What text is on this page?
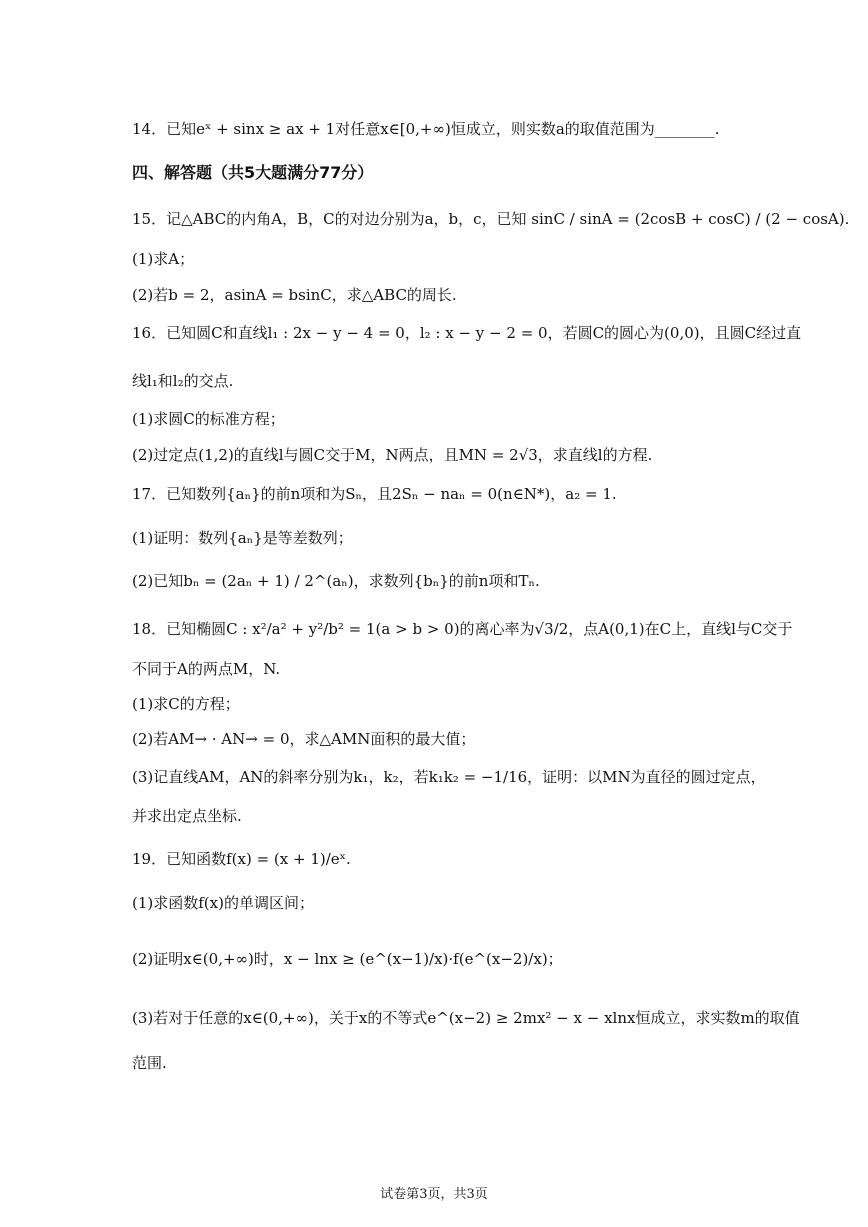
14．已知eˣ + sinx ≥ ax + 1对任意x∈[0,+∞)恒成立，则实数a的取值范围为________.
四、解答题（共5大题满分77分）
15．记△ABC的内角A，B，C的对边分别为a，b，c，已知 sinC / sinA = (2cosB + cosC) / (2 − cosA).
(1)求A；
(2)若b = 2，asinA = bsinC，求△ABC的周长.
16．已知圆C和直线l₁ : 2x − y − 4 = 0，l₂ : x − y − 2 = 0，若圆C的圆心为(0,0)，且圆C经过直
线l₁和l₂的交点.
(1)求圆C的标准方程；
(2)过定点(1,2)的直线l与圆C交于M，N两点，且MN = 2√3，求直线l的方程.
17．已知数列{aₙ}的前n项和为Sₙ，且2Sₙ − naₙ = 0(n∈N*)，a₂ = 1.
(1)证明：数列{aₙ}是等差数列；
(2)已知bₙ = (2aₙ + 1) / 2^(aₙ)，求数列{bₙ}的前n项和Tₙ.
18．已知椭圆C : x²/a² + y²/b² = 1(a > b > 0)的离心率为√3/2，点A(0,1)在C上，直线l与C交于
不同于A的两点M，N.
(1)求C的方程；
(2)若AM→ · AN→ = 0，求△AMN面积的最大值；
(3)记直线AM，AN的斜率分别为k₁，k₂，若k₁k₂ = −1/16，证明：以MN为直径的圆过定点，
并求出定点坐标.
19．已知函数f(x) = (x + 1)/eˣ.
(1)求函数f(x)的单调区间；
(2)证明x∈(0,+∞)时，x − lnx ≥ (e^(x−1)/x)·f(e^(x−2)/x)；
(3)若对于任意的x∈(0,+∞)，关于x的不等式e^(x−2) ≥ 2mx² − x − xlnx恒成立，求实数m的取值
范围.
试卷第3页，共3页
